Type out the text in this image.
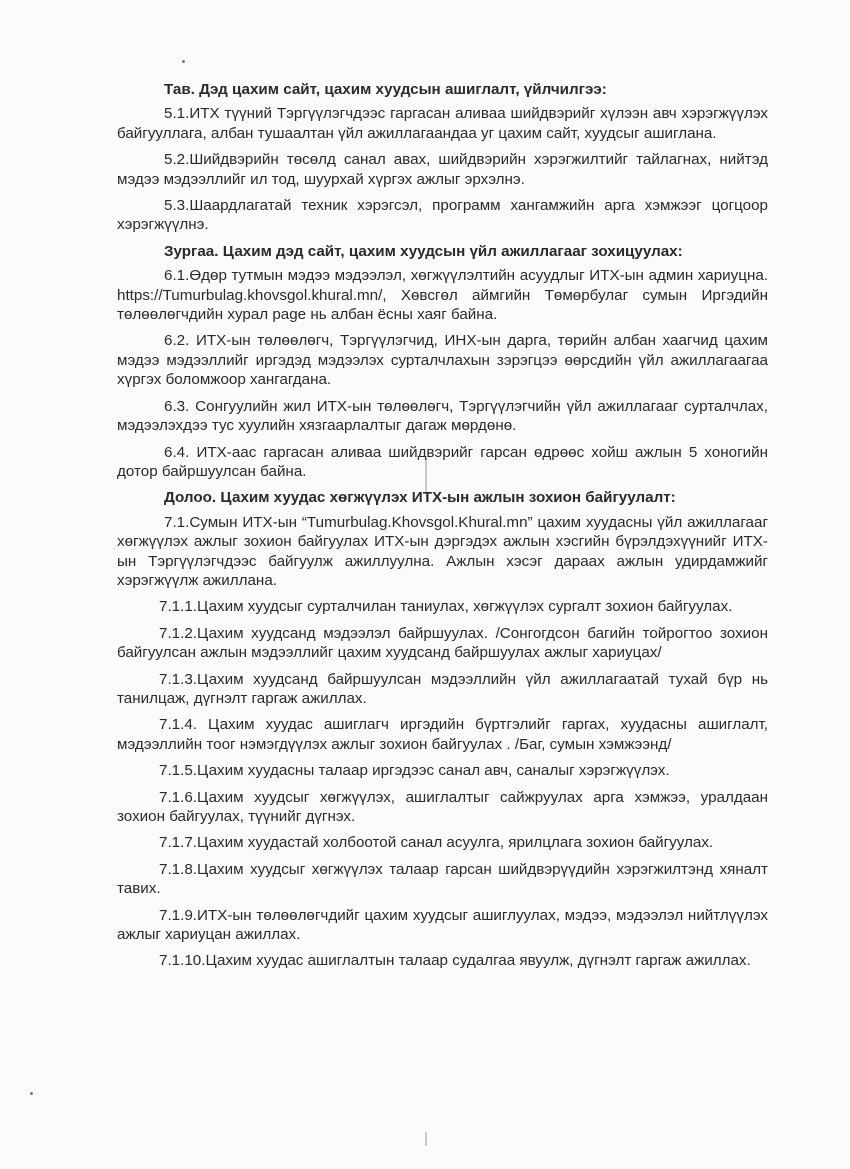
Тав. Дэд цахим сайт, цахим хуудсын ашиглалт, үйлчилгээ:
5.1.ИТХ түүний Тэргүүлэгчдээс гаргасан аливаа шийдвэрийг хүлээн авч хэрэгжүүлэх байгууллага, албан тушаалтан үйл ажиллагаандаа уг цахим сайт, хуудсыг ашиглана.
5.2.Шийдвэрийн төсөлд санал авах, шийдвэрийн хэрэгжилтийг тайлагнах, нийтэд мэдээ мэдээллийг ил тод, шуурхай хүргэх ажлыг эрхэлнэ.
5.3.Шаардлагатай техник хэрэгсэл, программ хангамжийн арга хэмжээг цогцоор хэрэгжүүлнэ.
Зургаа. Цахим дэд сайт, цахим хуудсын үйл ажиллагааг зохицуулах:
6.1.Өдөр тутмын мэдээ мэдээлэл, хөгжүүлэлтийн асуудлыг ИТХ-ын админ хариуцна. https://Tumurbulag.khovsgol.khural.mn/, Хөвсгөл аймгийн Төмөрбулаг сумын Иргэдийн төлөөлөгчдийн хурал page нь албан ёсны хаяг байна.
6.2. ИТХ-ын төлөөлөгч, Тэргүүлэгчид, ИНХ-ын дарга, төрийн албан хаагчид цахим мэдээ мэдээллийг иргэдэд мэдээлэх сурталчлахын зэрэгцээ өөрсдийн үйл ажиллагаагаа хүргэх боломжоор хангагдана.
6.3. Сонгуулийн жил ИТХ-ын төлөөлөгч, Тэргүүлэгчийн үйл ажиллагааг сурталчлах, мэдээлэхдээ тус хуулийн хязгаарлалтыг дагаж мөрдөнө.
6.4. ИТХ-аас гаргасан аливаа шийдвэрийг гарсан өдрөөс хойш ажлын 5 хоногийн дотор байршуулсан байна.
Долоо. Цахим хуудас хөгжүүлэх ИТХ-ын ажлын зохион байгуулалт:
7.1.Сумын ИТХ-ын “Tumurbulag.Khovsgol.Khural.mn” цахим хуудасны үйл ажиллагааг хөгжүүлэх ажлыг зохион байгуулах ИТХ-ын дэргэдэх ажлын хэсгийн бүрэлдэхүүнийг ИТХ-ын Тэргүүлэгчдээс байгуулж ажиллуулна. Ажлын хэсэг дараах ажлын удирдамжийг хэрэгжүүлж ажиллана.
7.1.1.Цахим хуудсыг сурталчилан таниулах, хөгжүүлэх сургалт зохион байгуулах.
7.1.2.Цахим хуудсанд мэдээлэл байршуулах. /Сонгогдсон багийн тойрогтоо зохион байгуулсан ажлын мэдээллийг цахим хуудсанд байршуулах ажлыг хариуцах/
7.1.3.Цахим хуудсанд байршуулсан мэдээллийн үйл ажиллагаатай тухай бүр нь танилцаж, дүгнэлт гаргаж ажиллах.
7.1.4. Цахим хуудас ашиглагч иргэдийн бүртгэлийг гаргах, хуудасны ашиглалт, мэдээллийн тоог нэмэгдүүлэх ажлыг зохион байгуулах . /Баг, сумын хэмжээнд/
7.1.5.Цахим хуудасны талаар иргэдээс санал авч, саналыг хэрэгжүүлэх.
7.1.6.Цахим хуудсыг хөгжүүлэх, ашиглалтыг сайжруулах арга хэмжээ, уралдаан зохион байгуулах, түүнийг дүгнэх.
7.1.7.Цахим хуудастай холбоотой санал асуулга, ярилцлага зохион байгуулах.
7.1.8.Цахим хуудсыг хөгжүүлэх талаар гарсан шийдвэрүүдийн хэрэгжилтэнд хяналт тавих.
7.1.9.ИТХ-ын төлөөлөгчдийг цахим хуудсыг ашиглуулах, мэдээ, мэдээлэл нийтлүүлэх ажлыг хариуцан ажиллах.
7.1.10.Цахим хуудас ашиглалтын талаар судалгаа явуулж, дүгнэлт гаргаж ажиллах.
